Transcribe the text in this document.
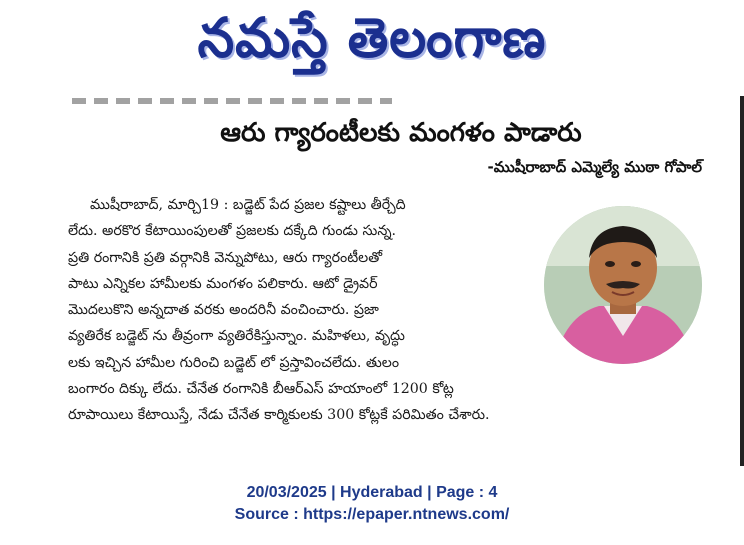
నమస్తే తెలంగాణ
ఆరు గ్యారంటీలకు మంగళం పాడారు
-ముషీరాబాద్ ఎమ్మెల్యే ముఠా గోపాల్
ముషీరాబాద్, మార్చి19 : బడ్జెట్ పేద ప్రజల కష్టాలు తీర్చేది
లేదు. అరకొర కేటాయింపులతో ప్రజలకు దక్కేది గుండు సున్న.
ప్రతి రంగానికి ప్రతి వర్గానికి వెన్నుపోటు, ఆరు గ్యారంటీలతో
పాటు ఎన్నికల హామీలకు మంగళం పలికారు. ఆటో డ్రైవర్
మొదలుకొని అన్నదాత వరకు అందరినీ వంచించారు. ప్రజా
వ్యతిరేక బడ్జెట్ ను తీవ్రంగా వ్యతిరేకిస్తున్నాం. మహిళలు, వృద్ధు
లకు ఇచ్చిన హామీల గురించి బడ్జెట్ లో ప్రస్తావించలేదు. తులం
బంగారం దిక్కు లేదు. చేనేత రంగానికి బీఆర్ఎస్ హయాంలో 1200 కోట్ల
రూపాయిలు కేటాయిస్తే, నేడు చేనేత కార్మికులకు 300 కోట్లకే పరిమితం చేశారు.
20/03/2025 | Hyderabad | Page : 4
Source : https://epaper.ntnews.com/
